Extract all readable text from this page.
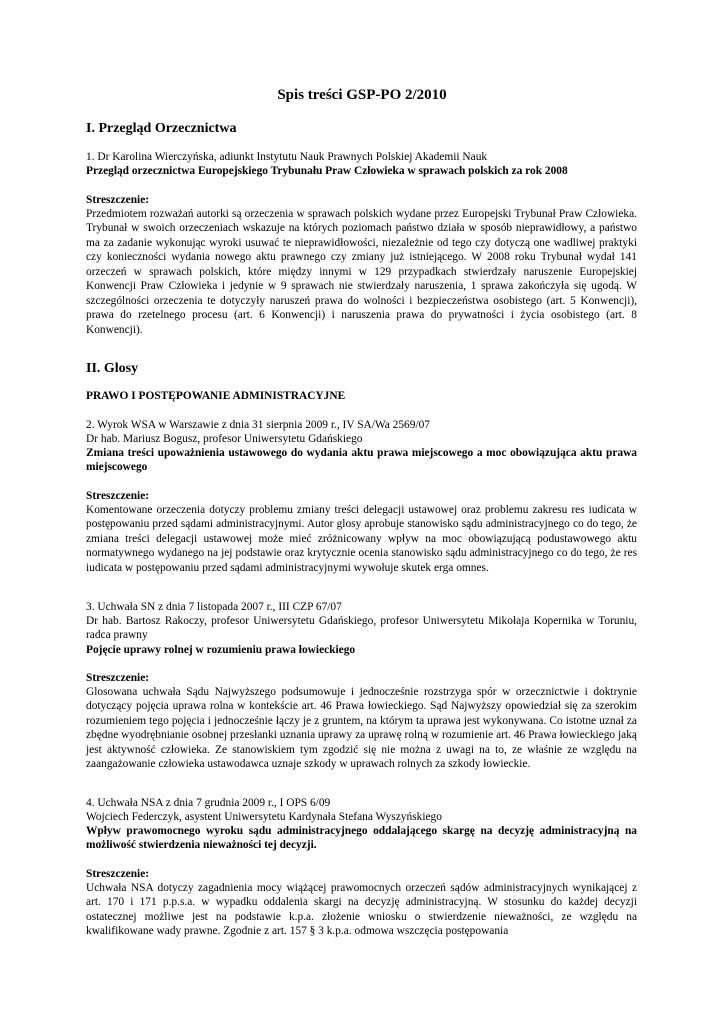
Spis treści GSP-PO 2/2010
I. Przegląd Orzecznictwa

1. Dr Karolina Wierczyńska, adiunkt Instytutu Nauk Prawnych Polskiej Akademii Nauk

Przegląd orzecznictwa Europejskiego Trybunału Praw Człowieka w sprawach polskich za rok 2008

Streszczenie:

Przedmiotem rozważań autorki są orzeczenia w sprawach polskich wydane przez Europejski Trybunał Praw Człowieka. Trybunał w swoich orzeczeniach wskazuje na których poziomach państwo działa w sposób nieprawidłowy, a państwo ma za zadanie wykonując wyroki usuwać te nieprawidłowości, niezależnie od tego czy dotyczą one wadliwej praktyki czy konieczności wydania nowego aktu prawnego czy zmiany już istniejącego. W 2008 roku Trybunał wydał 141 orzeczeń w sprawach polskich, które między innymi w 129 przypadkach stwierdzały naruszenie Europejskiej Konwencji Praw Człowieka i jedynie w 9 sprawach nie stwierdzały naruszenia, 1 sprawa zakończyła się ugodą. W szczególności orzeczenia te dotyczyły naruszeń prawa do wolności i bezpieczeństwa osobistego (art. 5 Konwencji), prawa do rzetelnego procesu (art. 6 Konwencji) i naruszenia prawa do prywatności i życia osobistego (art. 8 Konwencji).

II. Glosy

PRAWO I POSTĘPOWANIE ADMINISTRACYJNE

2. Wyrok WSA w Warszawie z dnia 31 sierpnia 2009 r., IV SA/Wa 2569/07

Dr hab. Mariusz Bogusz, profesor Uniwersytetu Gdańskiego

Zmiana treści upoważnienia ustawowego do wydania aktu prawa miejscowego a moc obowiązująca aktu prawa miejscowego

Streszczenie:

Komentowane orzeczenia dotyczy problemu zmiany treści delegacji ustawowej oraz problemu zakresu res iudicata w postępowaniu przed sądami administracyjnymi. Autor glosy aprobuje stanowisko sądu administracyjnego co do tego, że zmiana treści delegacji ustawowej może mieć zróżnicowany wpływ na moc obowiązującą podustawowego aktu normatywnego wydanego na jej podstawie oraz krytycznie ocenia stanowisko sądu administracyjnego co do tego, że res iudicata w postępowaniu przed sądami administracyjnymi wywołuje skutek erga omnes.

3. Uchwała SN z dnia 7 listopada 2007 r., III CZP 67/07

Dr hab. Bartosz Rakoczy, profesor Uniwersytetu Gdańskiego, profesor Uniwersytetu Mikołaja Kopernika w Toruniu, radca prawny

Pojęcie uprawy rolnej w rozumieniu prawa łowieckiego

Streszczenie:

Glosowana uchwała Sądu Najwyższego podsumowuje i jednocześnie rozstrzyga spór w orzecznictwie i doktrynie dotyczący pojęcia uprawa rolna w kontekście art. 46 Prawa łowieckiego. Sąd Najwyższy opowiedział się za szerokim rozumieniem tego pojęcia i jednocześnie łączy je z gruntem, na którym ta uprawa jest wykonywana. Co istotne uznał za zbędne wyodrębnianie osobnej przesłanki uznania uprawy za uprawę rolną w rozumienie art. 46 Prawa łowieckiego jaką jest aktywność człowieka. Ze stanowiskiem tym zgodzić się nie można z uwagi na to, ze właśnie ze względu na zaangażowanie człowieka ustawodawca uznaje szkody w uprawach rolnych za szkody łowieckie.

4. Uchwała NSA z dnia 7 grudnia 2009 r., I OPS 6/09

Wojciech Federczyk, asystent Uniwersytetu Kardynała Stefana Wyszyńskiego

Wpływ prawomocnego wyroku sądu administracyjnego oddalającego skargę na decyzję administracyjną na możliwość stwierdzenia nieważności tej decyzji.

Streszczenie:

Uchwała NSA dotyczy zagadnienia mocy wiążącej prawomocnych orzeczeń sądów administracyjnych wynikającej z art. 170 i 171 p.p.s.a. w wypadku oddalenia skargi na decyzję administracyjną. W stosunku do każdej decyzji ostatecznej możliwe jest na podstawie k.p.a. złożenie wniosku o stwierdzenie nieważności, ze względu na kwalifikowane wady prawne. Zgodnie z art. 157 § 3 k.p.a. odmowa wszczęcia postępowania
